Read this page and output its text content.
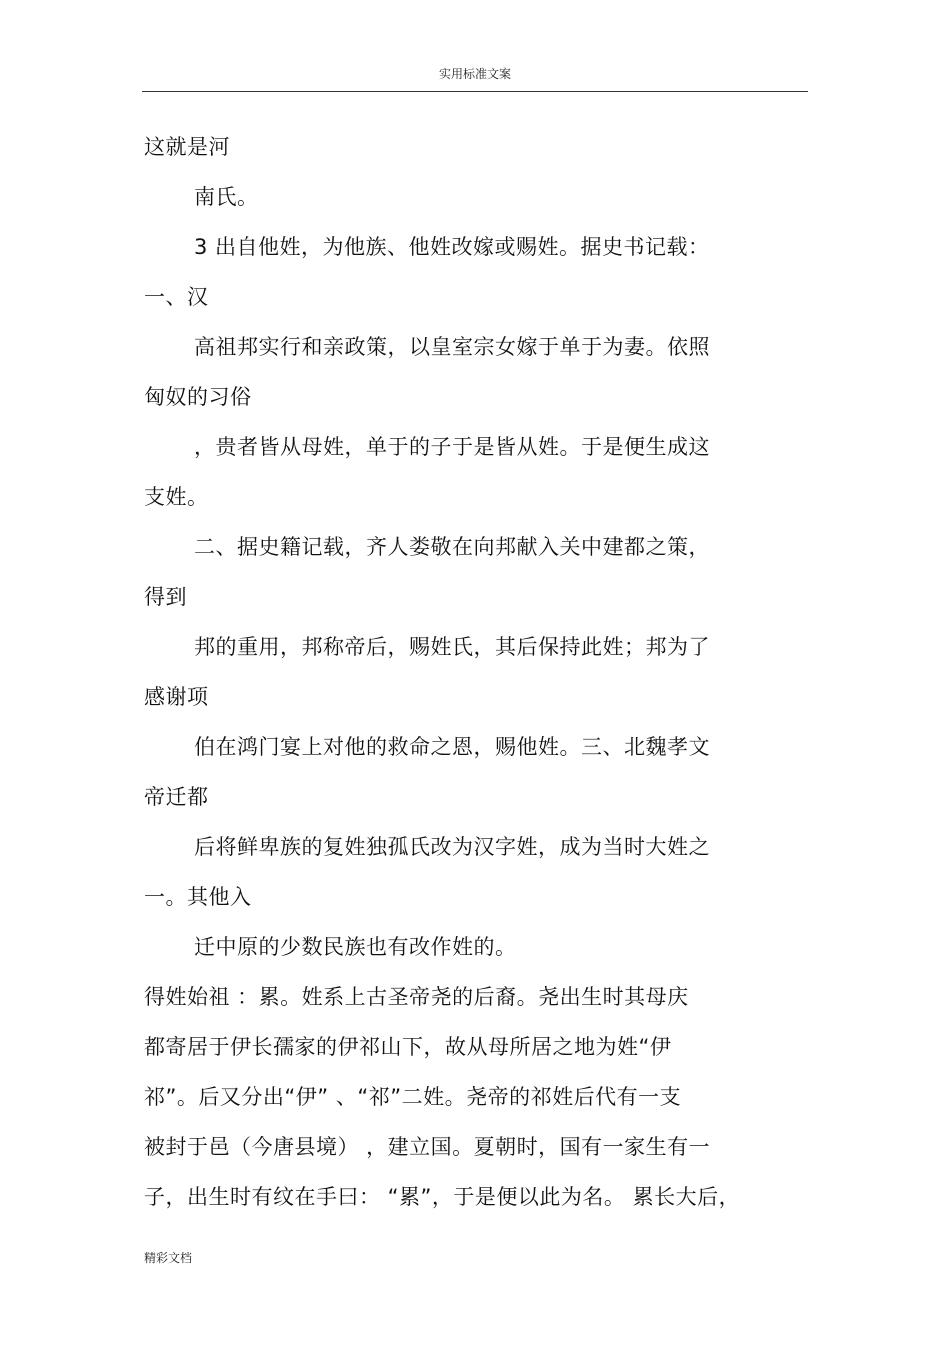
实用标准文案
这就是河
南氏。
3 出自他姓，为他族、他姓改嫁或赐姓。据史书记载：
一、汉
高祖邦实行和亲政策，以皇室宗女嫁于单于为妻。依照
匈奴的习俗
，贵者皆从母姓，单于的子于是皆从姓。于是便生成这
支姓。
二、据史籍记载，齐人娄敬在向邦献入关中建都之策，
得到
邦的重用，邦称帝后，赐姓氏，其后保持此姓；邦为了
感谢项
伯在鸿门宴上对他的救命之恩，赐他姓。三、北魏孝文
帝迁都
后将鲜卑族的复姓独孤氏改为汉字姓，成为当时大姓之
一。其他入
迁中原的少数民族也有改作姓的。
得姓始祖 ：累。姓系上古圣帝尧的后裔。尧出生时其母庆
都寄居于伊长孺家的伊祁山下，故从母所居之地为姓“伊
祁”。后又分出“伊” 、“祁”二姓。尧帝的祁姓后代有一支
被封于邑（今唐县境） ，建立国。夏朝时，国有一家生有一
子，出生时有纹在手曰： “累”，于是便以此为名。 累长大后，
精彩文档
